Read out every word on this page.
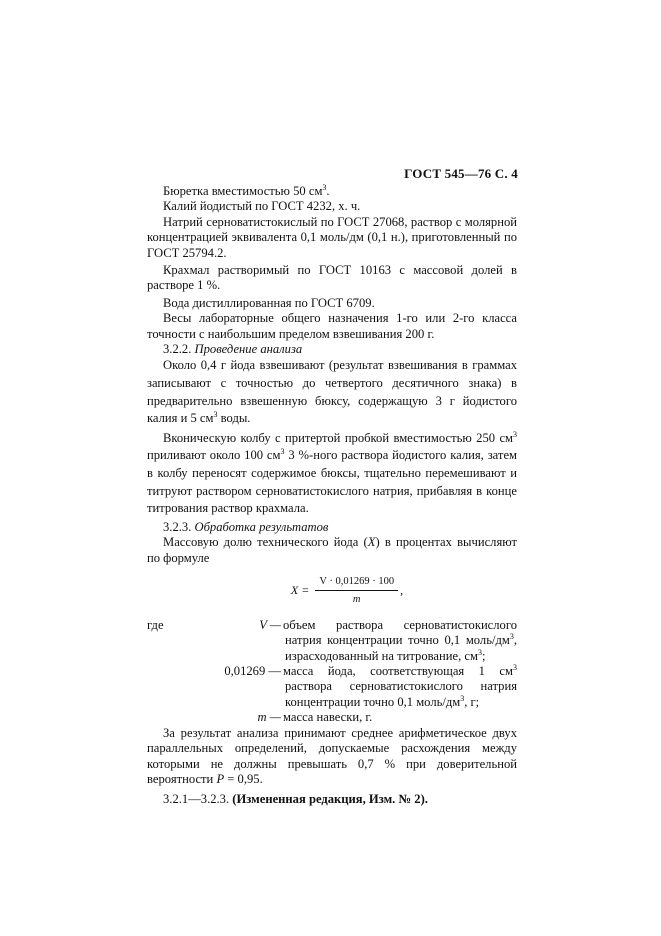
ГОСТ 545—76 С. 4

Бюретка вместимостью 50 $см^3$.

Калий йодистый по ГОСТ 4232, х. ч.

Натрий серноватистокислый по ГОСТ 27068, раствор с молярной концентрацией эквивалента 0,1 моль/дм (0,1 н.), приготовленный по ГОСТ 25794.2.

Крахмал растворимый по ГОСТ 10163 с массовой долей в растворе 1 %.

Вода дистиллированная по ГОСТ 6709.

Весы лабораторные общего назначения 1-го или 2-го класса точности с наибольшим пределом взвешивания 200 г.

3.2.2. Проведение анализа

Около 0,4 г йода взвешивают (результат взвешивания в граммах записывают с точностью до четвертого десятичного знака) в предварительно взвешенную бюксу, содержащую 3 г йодистого калия и 5 $см^3$ воды.

Вконическую колбу с притертой пробкой вместимостью 250 $см^3$ приливают около 100 $см^3$ 3 %-ного раствора йодистого калия, затем в колбу переносят содержимое бюксы, тщательно перемешивают и титруют раствором серноватистокислого натрия, прибавляя в конце титрования раствор крахмала.

3.2.3. Обработка результатов

Массовую долю технического йода (X) в процентах вычисляют по формуле

$X = \frac{V \cdot 0,01269 \cdot 100}{m}$ ,
где	V — объем раствора серноватистокислого натрия концентрации точно 0,1 моль/$дм^3$, израсходованный на титрование, $см^3$;
0,01269 — масса йода, соответствующая 1 $см^3$ раствора серноватистокислого натрия концентрации точно 0,1 моль/$дм^3$, г;
m — масса навески, г.

За результат анализа принимают среднее арифметическое двух параллельных определений, допускаемые расхождения между которыми не должны превышать 0,7 % при доверительной вероятности P = 0,95.

3.2.1—3.2.3. (Измененная редакция, Изм. № 2).
